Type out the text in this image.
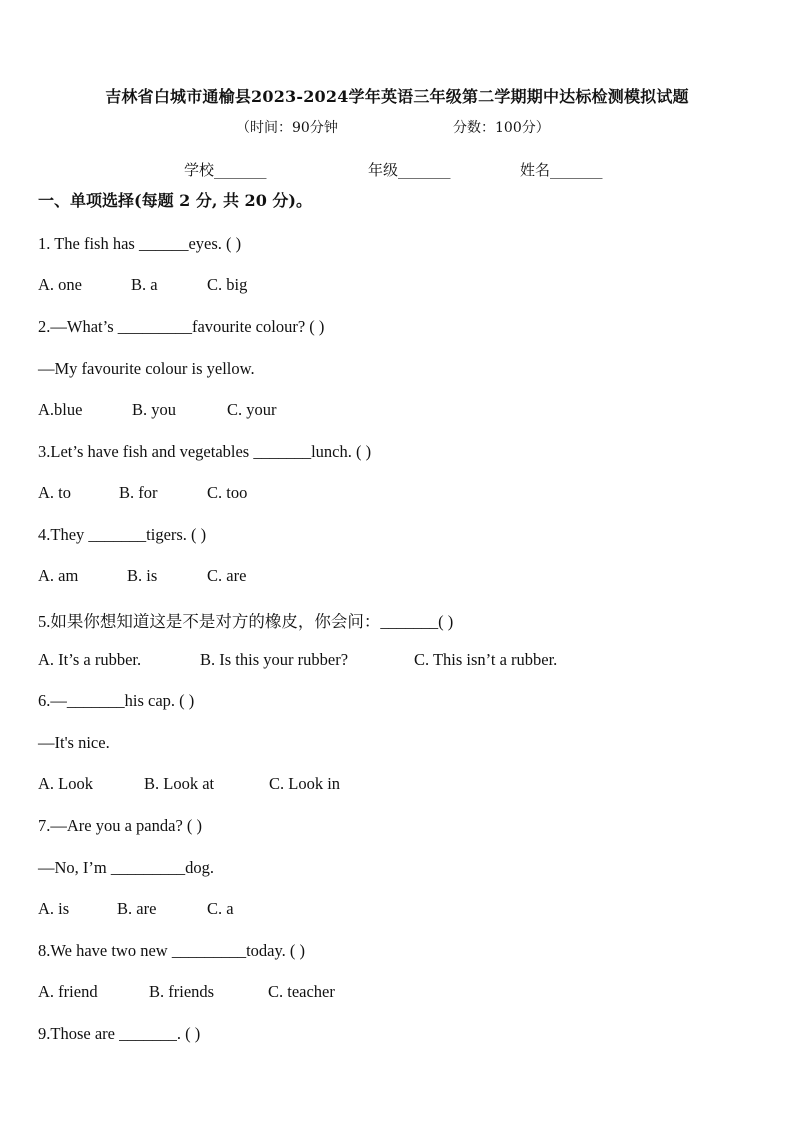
吉林省白城市通榆县2023-2024学年英语三年级第二学期期中达标检测模拟试题
（时间：90分钟	分数：100分）
学校_______	年级_______	姓名_______
一、单项选择(每题 2 分, 共 20 分)。
1. The fish has ______eyes. ( )
A. one	B. a	C. big
2.—What’s _________favourite colour? ( )
—My favourite colour is yellow.
A.blue	B. you	C. your
3.Let’s have fish and vegetables _______lunch. ( )
A. to	B. for	C. too
4.They _______tigers. ( )
A. am	B. is	C. are
5.如果你想知道这是不是对方的橡皮，你会问：_______( )
A. It’s a rubber.	B. Is this your rubber?	C. This isn’t a rubber.
6.—_______his cap. ( )
—It's nice.
A. Look	B. Look at	C. Look in
7.—Are you a panda? ( )
—No, I’m _________dog.
A. is	B. are	C. a
8.We have two new _________today. ( )
A. friend	B. friends	C. teacher
9.Those are _______. ( )
